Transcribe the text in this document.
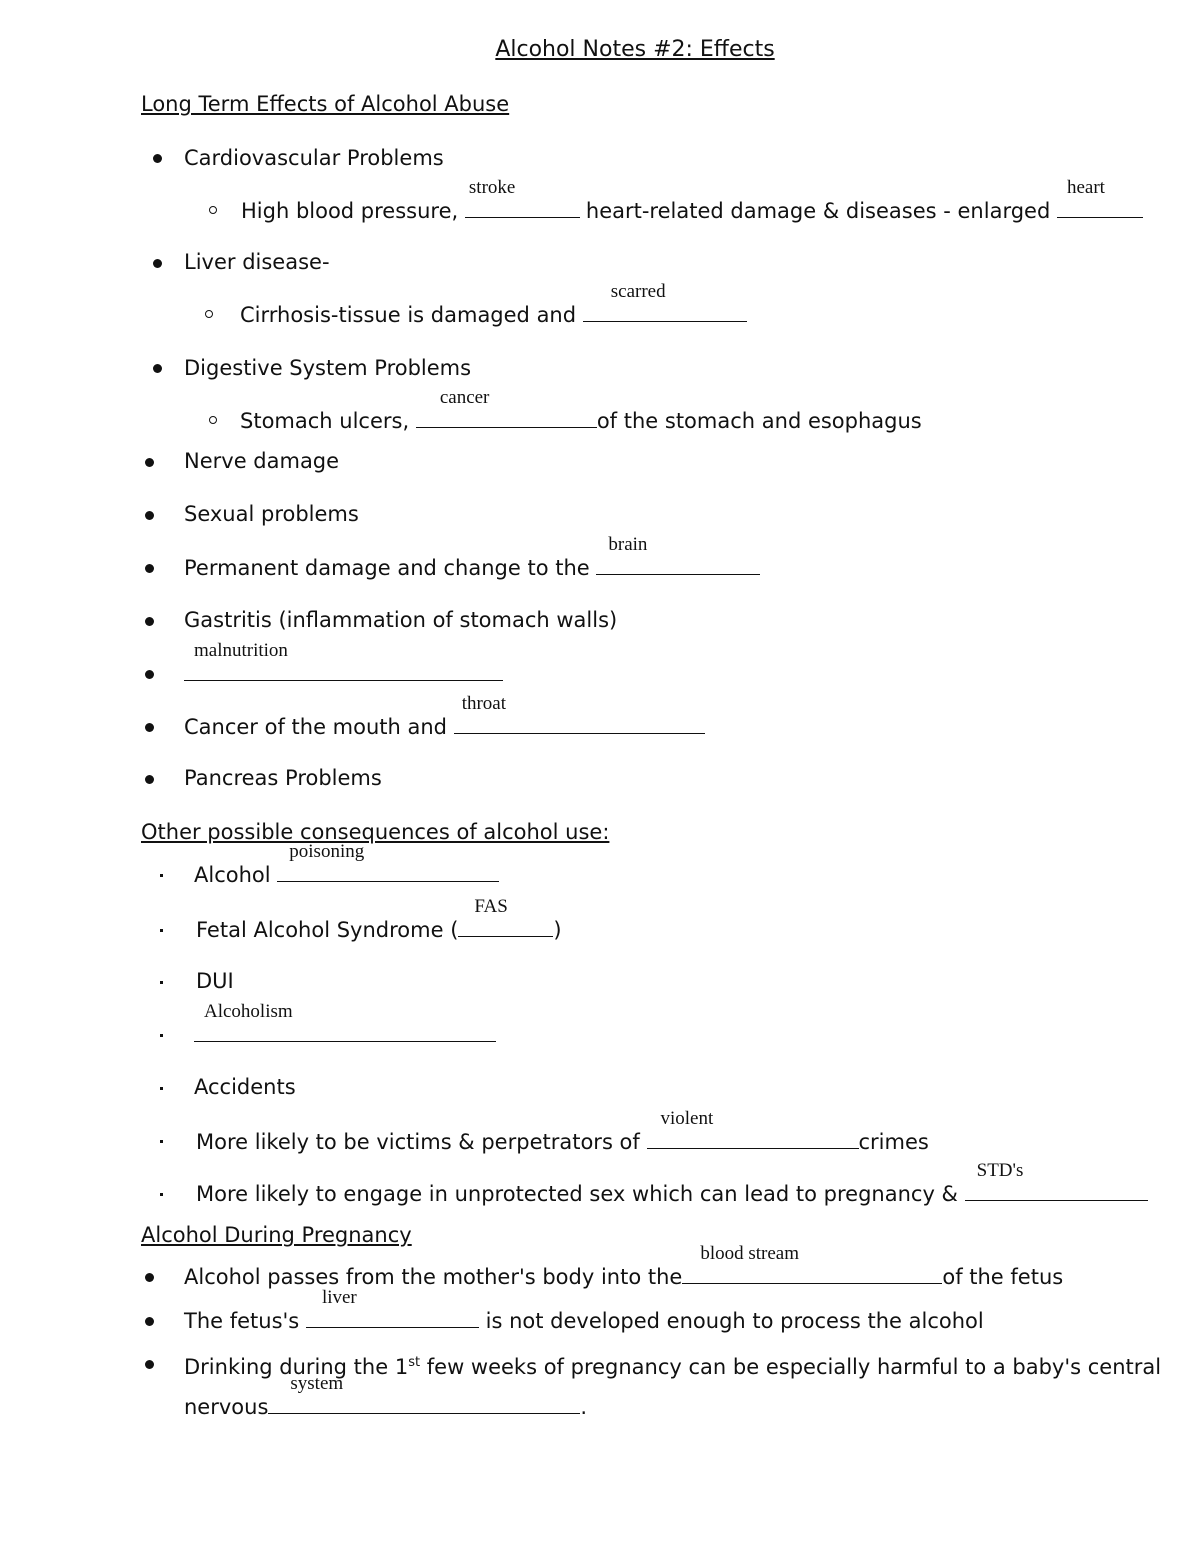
Alcohol Notes #2: Effects
Long Term Effects of Alcohol Abuse
Cardiovascular Problems
High blood pressure,
stroke
heart-related damage & diseases - enlarged
heart
Liver disease-
Cirrhosis-tissue is damaged and
scarred
Digestive System Problems
Stomach ulcers,
cancer
of the stomach and esophagus
Nerve damage
Sexual problems
Permanent damage and change to the
brain
Gastritis (inflammation of stomach walls)
malnutrition
Cancer of the mouth and
throat
Pancreas Problems
Other possible consequences of alcohol use:
Alcohol
poisoning
Fetal Alcohol Syndrome (
FAS
)
DUI
Alcoholism
Accidents
More likely to be victims & perpetrators of
violent
crimes
More likely to engage in unprotected sex which can lead to pregnancy &
STD's
Alcohol During Pregnancy
Alcohol passes from the mother's body into the
blood stream
of the fetus
The fetus's
liver
is not developed enough to process the alcohol
Drinking during the 1st few weeks of pregnancy can be especially harmful to a baby's central
nervous
system
.
